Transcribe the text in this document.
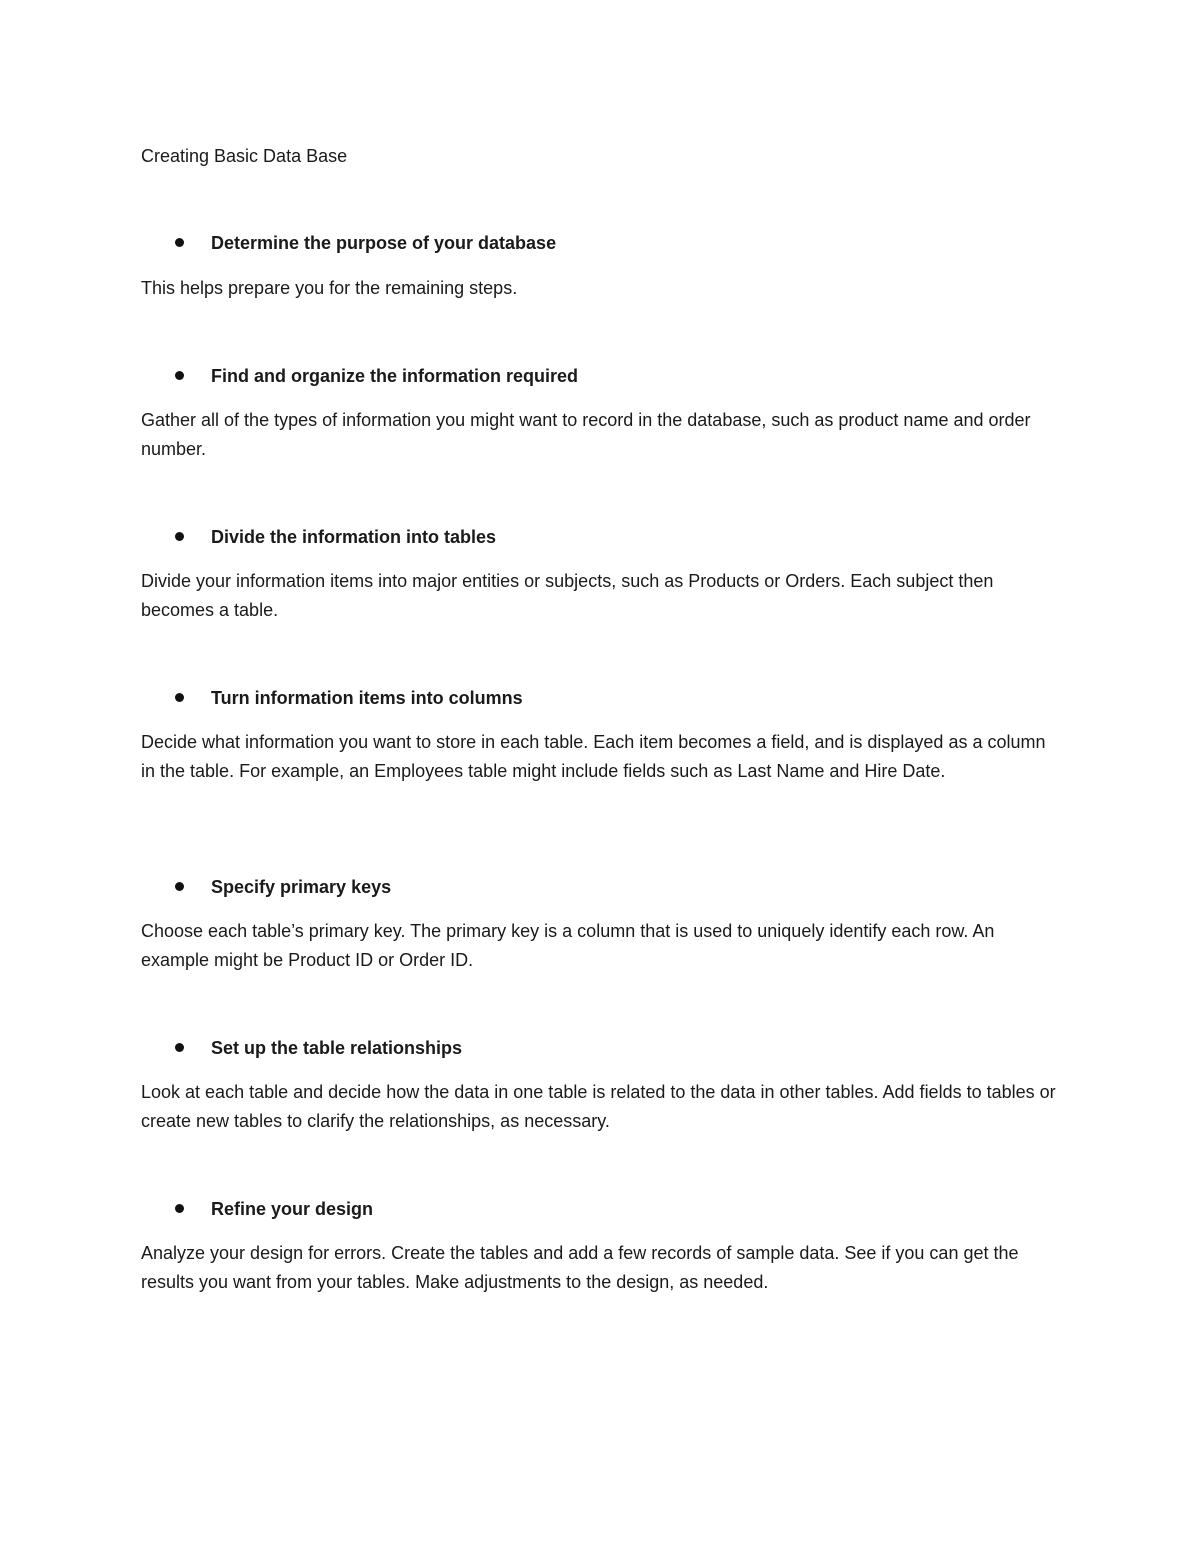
Creating Basic Data Base
Determine the purpose of your database

This helps prepare you for the remaining steps.

Find and organize the information required

Gather all of the types of information you might want to record in the database, such as product name and order number.

Divide the information into tables

Divide your information items into major entities or subjects, such as Products or Orders. Each subject then becomes a table.

Turn information items into columns

Decide what information you want to store in each table. Each item becomes a field, and is displayed as a column in the table. For example, an Employees table might include fields such as Last Name and Hire Date.

Specify primary keys

Choose each table’s primary key. The primary key is a column that is used to uniquely identify each row. An example might be Product ID or Order ID.

Set up the table relationships

Look at each table and decide how the data in one table is related to the data in other tables. Add fields to tables or create new tables to clarify the relationships, as necessary.

Refine your design

Analyze your design for errors. Create the tables and add a few records of sample data. See if you can get the results you want from your tables. Make adjustments to the design, as needed.
